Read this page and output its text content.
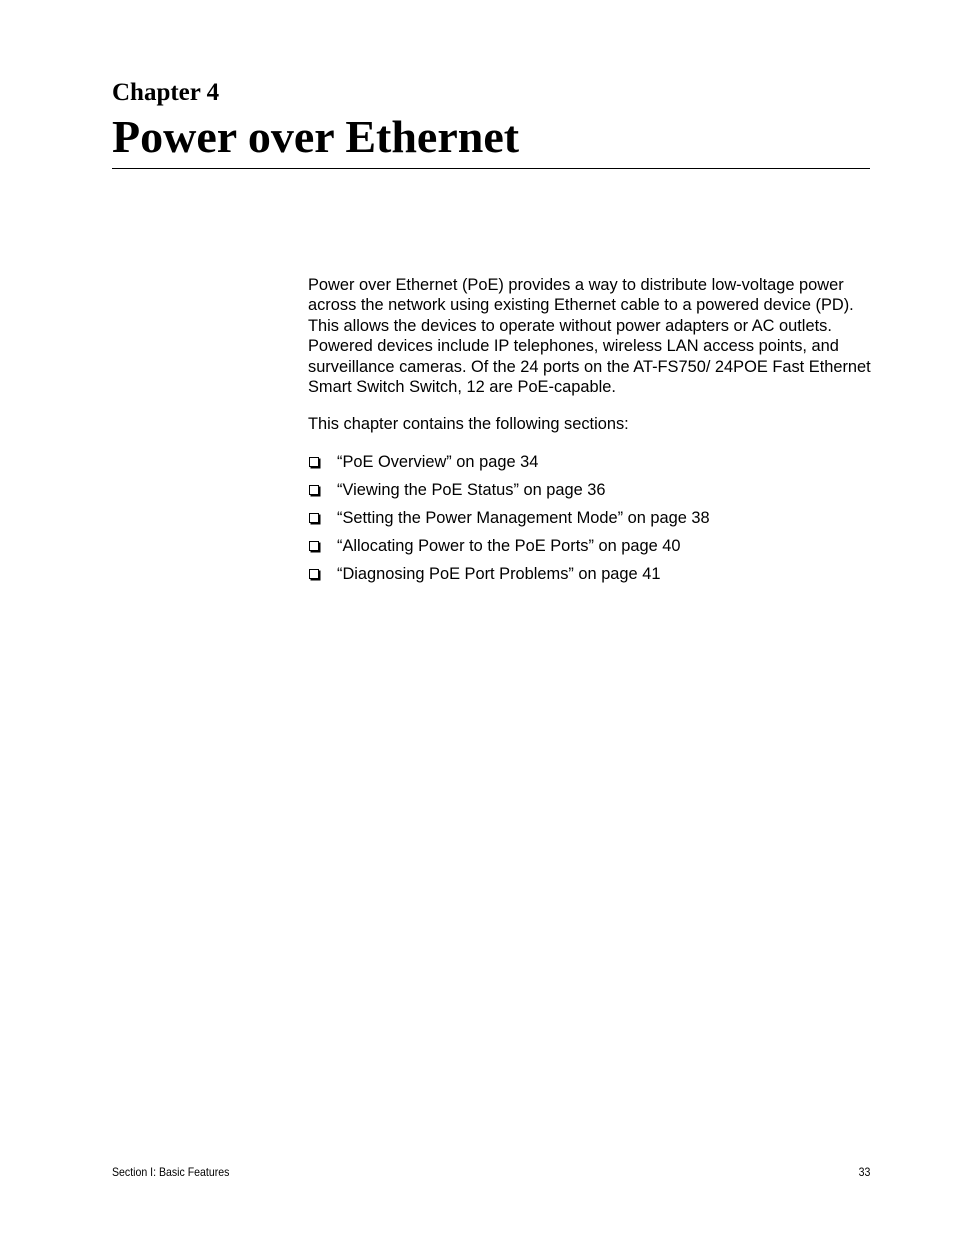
Chapter 4
Power over Ethernet

Power over Ethernet (PoE) provides a way to distribute low-voltage power across the network using existing Ethernet cable to a powered device (PD). This allows the devices to operate without power adapters or AC outlets. Powered devices include IP telephones, wireless LAN access points, and surveillance cameras. Of the 24 ports on the AT-FS750/ 24POE Fast Ethernet Smart Switch Switch, 12 are PoE-capable.

This chapter contains the following sections:

“PoE Overview” on page 34
“Viewing the PoE Status” on page 36
“Setting the Power Management Mode” on page 38
“Allocating Power to the PoE Ports” on page 40
“Diagnosing PoE Port Problems” on page 41
Section I: Basic Features	33
